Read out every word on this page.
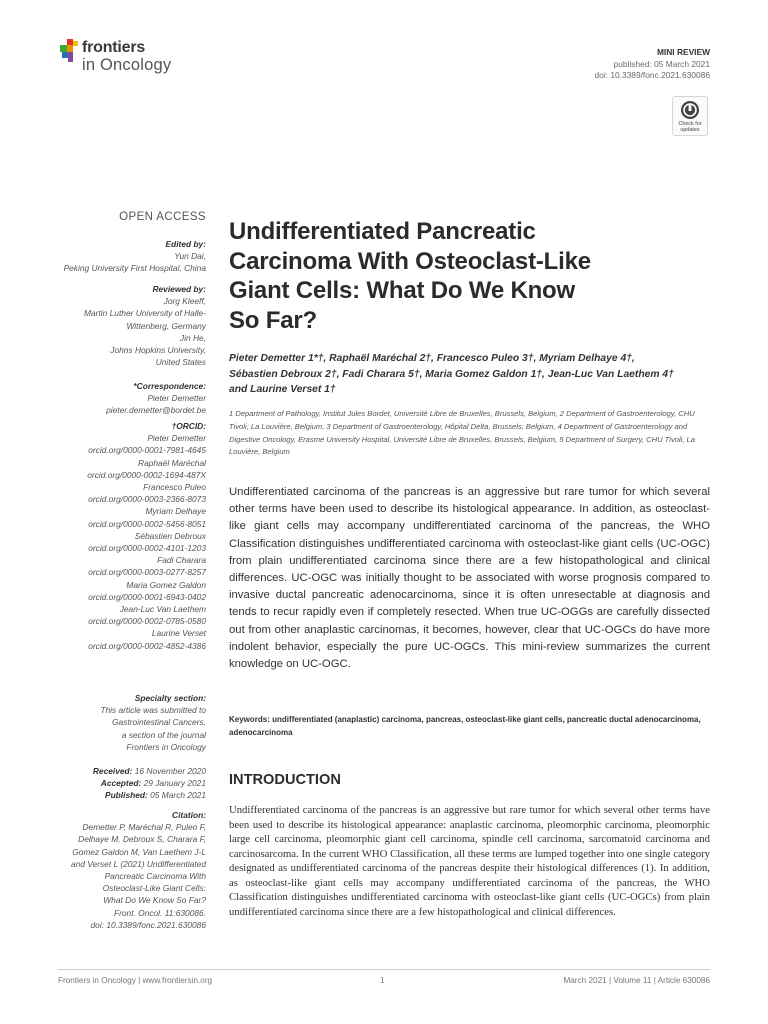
frontiers
in Oncology
MINI REVIEW
published: 05 March 2021
doi: 10.3389/fonc.2021.630086
Check for
updates
OPEN ACCESS
Edited by:
Yun Dai,
Peking University First Hospital, China
Reviewed by:
Jorg Kleeff,
Martin Luther University of Halle-
Wittenberg, Germany
Jin He,
Johns Hopkins University,
United States
*Correspondence:
Pieter Demetter
pieter.demetter@bordet.be
†ORCID:
Pieter Demetter
orcid.org/0000-0001-7981-4645
Raphaël Maréchal
orcid.org/0000-0002-1694-487X
Francesco Puleo
orcid.org/0000-0003-2366-8073
Myriam Delhaye
orcid.org/0000-0002-5456-8051
Sébastien Debroux
orcid.org/0000-0002-4101-1203
Fadi Charara
orcid.org/0000-0003-0277-8257
Maria Gomez Galdon
orcid.org/0000-0001-6943-0402
Jean-Luc Van Laethem
orcid.org/0000-0002-0785-0580
Laurine Verset
orcid.org/0000-0002-4852-4386
Specialty section:
This article was submitted to
Gastrointestinal Cancers,
a section of the journal
Frontiers in Oncology
Received: 16 November 2020
Accepted: 29 January 2021
Published: 05 March 2021
Citation:
Demetter P, Maréchal R, Puleo F,
Delhaye M, Debroux S, Charara F,
Gomez Galdon M, Van Laethem J-L
and Verset L (2021) Undifferentiated
Pancreatic Carcinoma With
Osteoclast-Like Giant Cells:
What Do We Know So Far?
Front. Oncol. 11:630086.
doi: 10.3389/fonc.2021.630086
Undifferentiated Pancreatic
Carcinoma With Osteoclast-Like
Giant Cells: What Do We Know
So Far?
Pieter Demetter 1*†, Raphaël Maréchal 2†, Francesco Puleo 3†, Myriam Delhaye 4†,
Sébastien Debroux 2†, Fadi Charara 5†, Maria Gomez Galdon 1†, Jean-Luc Van Laethem 4†
and Laurine Verset 1†
1 Department of Pathology, Institut Jules Bordet, Université Libre de Bruxelles, Brussels, Belgium, 2 Department of Gastroenterology, CHU Tivoli, La Louvière, Belgium, 3 Department of Gastroenterology, Hôpital Delta, Brussels, Belgium, 4 Department of Gastroenterology and Digestive Oncology, Erasme University Hospital, Université Libre de Bruxelles, Brussels, Belgium, 5 Department of Surgery, CHU Tivoli, La Louvière, Belgium
Undifferentiated carcinoma of the pancreas is an aggressive but rare tumor for which several other terms have been used to describe its histological appearance. In addition, as osteoclast-like giant cells may accompany undifferentiated carcinoma of the pancreas, the WHO Classification distinguishes undifferentiated carcinoma with osteoclast-like giant cells (UC-OGC) from plain undifferentiated carcinoma since there are a few histopathological and clinical differences. UC-OGC was initially thought to be associated with worse prognosis compared to invasive ductal pancreatic adenocarcinoma, since it is often unresectable at diagnosis and tends to recur rapidly even if completely resected. When true UC-OGGs are carefully dissected out from other anaplastic carcinomas, it becomes, however, clear that UC-OGCs do have more indolent behavior, especially the pure UC-OGCs. This mini-review summarizes the current knowledge on UC-OGC.
Keywords: undifferentiated (anaplastic) carcinoma, pancreas, osteoclast-like giant cells, pancreatic ductal adenocarcinoma, adenocarcinoma
INTRODUCTION
Undifferentiated carcinoma of the pancreas is an aggressive but rare tumor for which several other terms have been used to describe its histological appearance: anaplastic carcinoma, pleomorphic carcinoma, pleomorphic large cell carcinoma, pleomorphic giant cell carcinoma, spindle cell carcinoma, sarcomatoid carcinoma and carcinosarcoma. In the current WHO Classification, all these terms are lumped together into one single category designated as undifferentiated carcinoma of the pancreas despite their histological differences (1). In addition, as osteoclast-like giant cells may accompany undifferentiated carcinoma of the pancreas, the WHO Classification distinguishes undifferentiated carcinoma with osteoclast-like giant cells (UC-OGCs) from plain undifferentiated carcinoma since there are a few histopathological and clinical differences.
Frontiers in Oncology | www.frontiersin.org	1	March 2021 | Volume 11 | Article 630086
